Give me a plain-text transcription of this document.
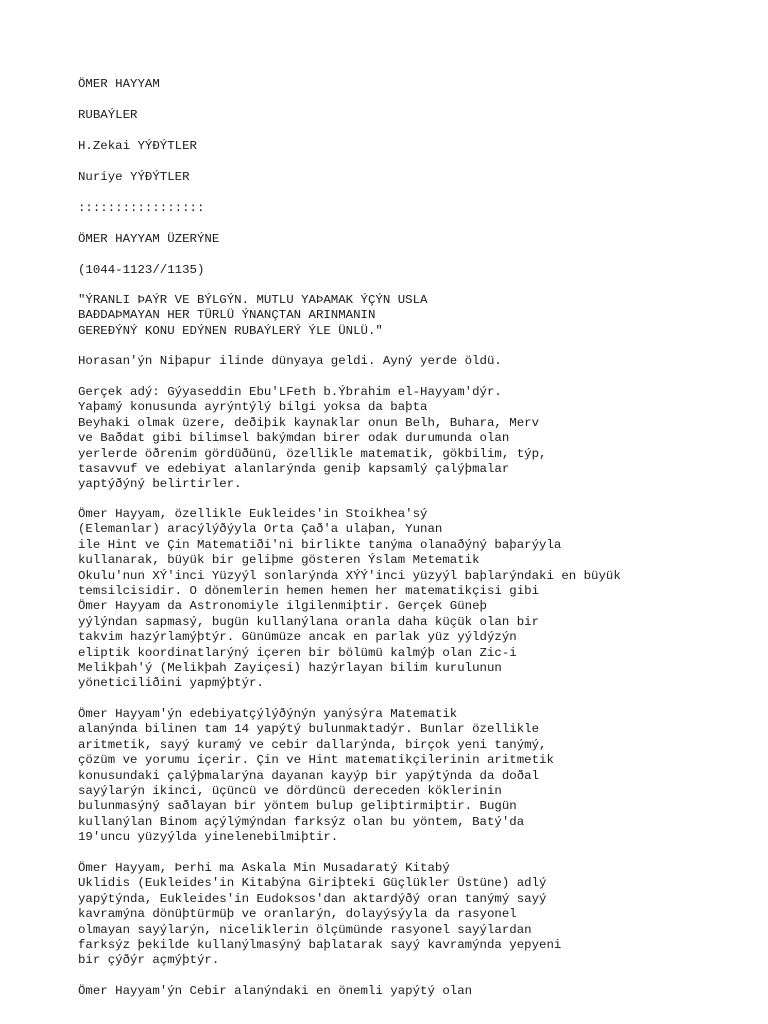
ÖMER HAYYAM
RUBAÝLER
H.Zekai YÝÐÝTLER
Nuriye YÝÐÝTLER
:::::::::::::::::
ÖMER HAYYAM ÜZERÝNE
(1044-1123//1135)
"ÝRANLI ÞAÝR VE BÝLGÝN. MUTLU YAÞAMAK ÝÇÝN USLA
BAÐDAÞMAYAN HER TÜRLÜ ÝNANÇTAN ARINMANIN
GEREÐÝNÝ KONU EDÝNEN RUBAÝLERÝ ÝLE ÜNLÜ."
Horasan'ýn Niþapur ilinde dünyaya geldi. Ayný yerde öldü.
Gerçek adý: Gýyaseddin Ebu'LFeth b.Ýbrahim el-Hayyam'dýr.
Yaþamý konusunda ayrýntýlý bilgi yoksa da baþta
Beyhaki olmak üzere, deðiþik kaynaklar onun Belh, Buhara, Merv
ve Baðdat gibi bilimsel bakýmdan birer odak durumunda olan
yerlerde öðrenim gördüðünü, özellikle matematik, gökbilim, týp,
tasavvuf ve edebiyat alanlarýnda geniþ kapsamlý çalýþmalar
yaptýðýný belirtirler.
Ömer Hayyam, özellikle Eukleides'in Stoikhea'sý
(Elemanlar) aracýlýðýyla Orta Çað'a ulaþan, Yunan
ile Hint ve Çin Matematiði'ni birlikte tanýma olanaðýný baþarýyla
kullanarak, büyük bir geliþme gösteren Ýslam Metematik
Okulu'nun XÝ'inci Yüzyýl sonlarýnda XÝÝ'inci yüzyýl baþlarýndaki en büyük
temsilcisidir. O dönemlerin hemen hemen her matematikçisi gibi
Ömer Hayyam da Astronomiyle ilgilenmiþtir. Gerçek Güneþ
yýlýndan sapmasý, bugün kullanýlana oranla daha küçük olan bir
takvim hazýrlamýþtýr. Günümüze ancak en parlak yüz yýldýzýn
eliptik koordinatlarýný içeren bir bölümü kalmýþ olan Zic-i
Melikþah'ý (Melikþah Zayiçesi) hazýrlayan bilim kurulunun
yöneticiliðini yapmýþtýr.
Ömer Hayyam'ýn edebiyatçýlýðýnýn yanýsýra Matematik
alanýnda bilinen tam 14 yapýtý bulunmaktadýr. Bunlar özellikle
aritmetik, sayý kuramý ve cebir dallarýnda, birçok yeni tanýmý,
çözüm ve yorumu içerir. Çin ve Hint matematikçilerinin aritmetik
konusundaki çalýþmalarýna dayanan kayýp bir yapýtýnda da doðal
sayýlarýn ikinci, üçüncü ve dördüncü dereceden köklerinin
bulunmasýný saðlayan bir yöntem bulup geliþtirmiþtir. Bugün
kullanýlan Binom açýlýmýndan farksýz olan bu yöntem, Batý'da
19'uncu yüzyýlda yinelenebilmiþtir.
Ömer Hayyam, Þerhi ma Askala Min Musadaratý Kitabý
Uklidis (Eukleides'in Kitabýna Giriþteki Güçlükler Üstüne) adlý
yapýtýnda, Eukleides'in Eudoksos'dan aktardýðý oran tanýmý sayý
kavramýna dönüþtürmüþ ve oranlarýn, dolayýsýyla da rasyonel
olmayan sayýlarýn, niceliklerin ölçümünde rasyonel sayýlardan
farksýz þekilde kullanýlmasýný baþlatarak sayý kavramýnda yepyeni
bir çýðýr açmýþtýr.
Ömer Hayyam'ýn Cebir alanýndaki en önemli yapýtý olan
